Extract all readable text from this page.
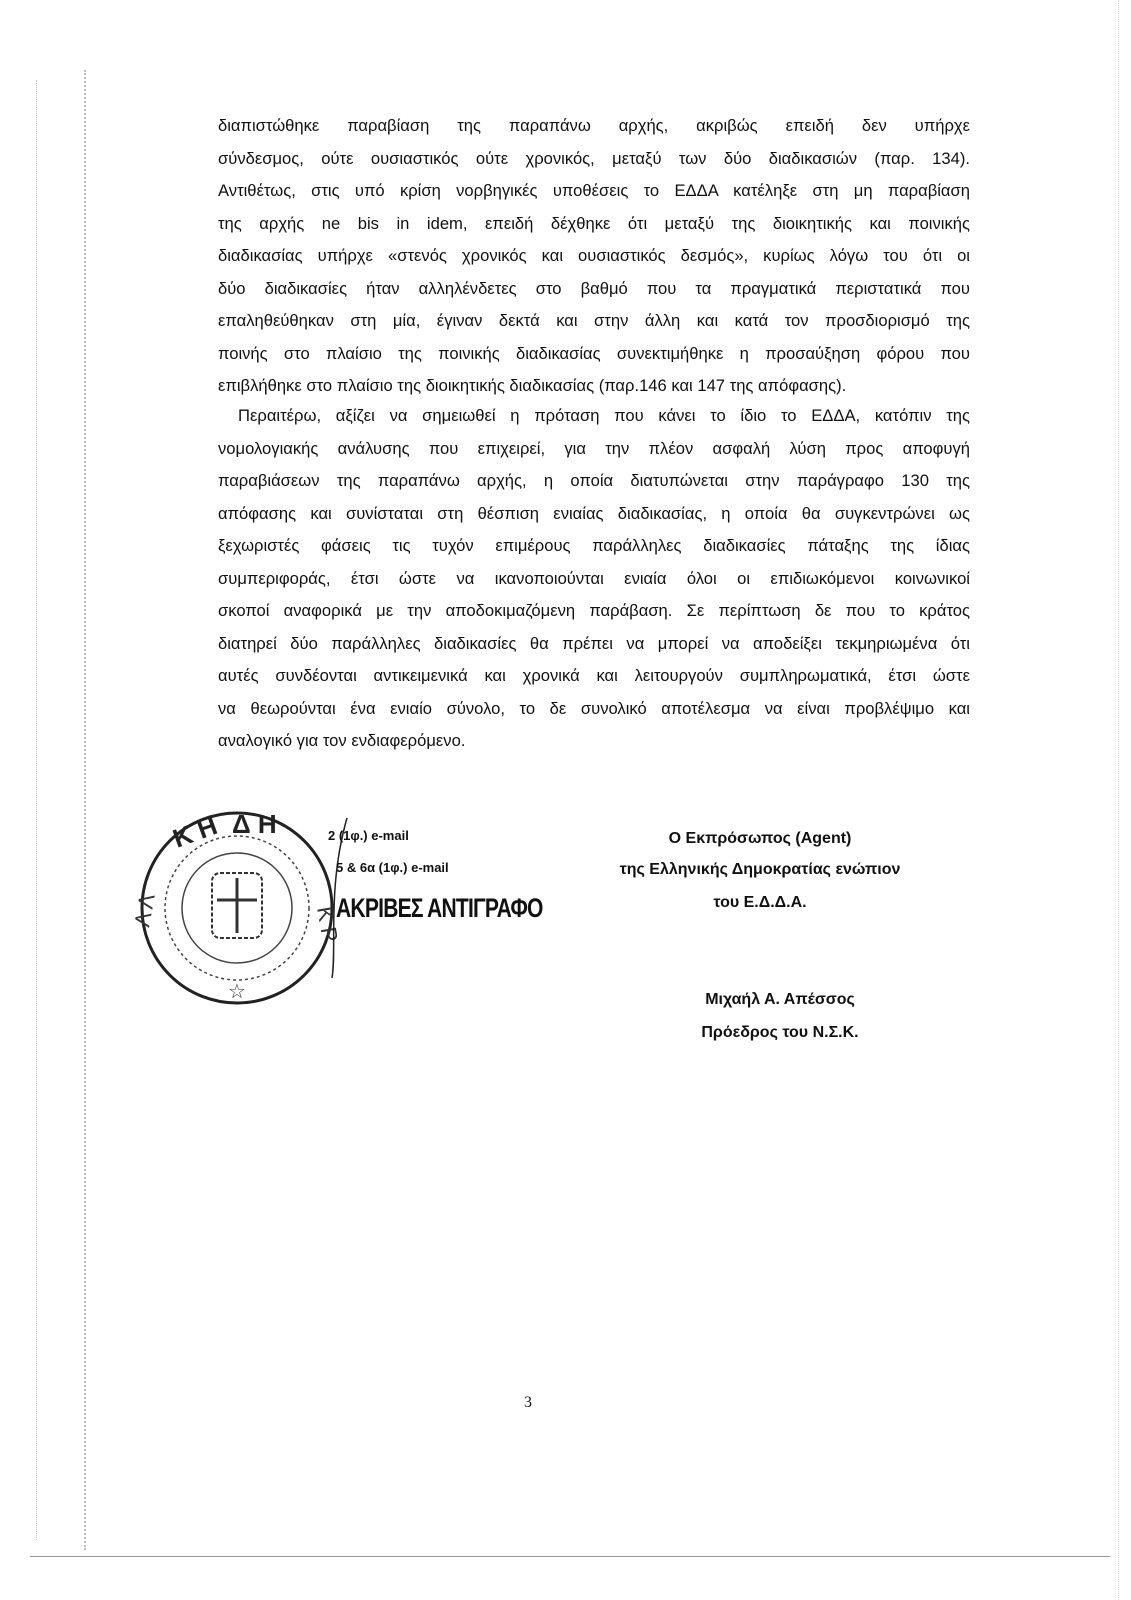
διαπιστώθηκε παραβίαση της παραπάνω αρχής, ακριβώς επειδή δεν υπήρχε
σύνδεσμος, ούτε ουσιαστικός ούτε χρονικός, μεταξύ των δύο διαδικασιών (παρ. 134).
Αντιθέτως, στις υπό κρίση νορβηγικές υποθέσεις το ΕΔΔΑ κατέληξε στη μη παραβίαση
της αρχής ne bis in idem, επειδή δέχθηκε ότι μεταξύ της διοικητικής και ποινικής
διαδικασίας υπήρχε «στενός χρονικός και ουσιαστικός δεσμός», κυρίως λόγω του ότι οι
δύο διαδικασίες ήταν αλληλένδετες στο βαθμό που τα πραγματικά περιστατικά που
επαληθεύθηκαν στη μία, έγιναν δεκτά και στην άλλη και κατά τον προσδιορισμό της
ποινής στο πλαίσιο της ποινικής διαδικασίας συνεκτιμήθηκε η προσαύξηση φόρου που
επιβλήθηκε στο πλαίσιο της διοικητικής διαδικασίας (παρ.146 και 147 της απόφασης).
Περαιτέρω, αξίζει να σημειωθεί η πρόταση που κάνει το ίδιο το ΕΔΔΑ, κατόπιν της
νομολογιακής ανάλυσης που επιχειρεί, για την πλέον ασφαλή λύση προς αποφυγή
παραβιάσεων της παραπάνω αρχής, η οποία διατυπώνεται στην παράγραφο 130 της
απόφασης και συνίσταται στη θέσπιση ενιαίας διαδικασίας, η οποία θα συγκεντρώνει ως
ξεχωριστές φάσεις τις τυχόν επιμέρους παράλληλες διαδικασίες πάταξης της ίδιας
συμπεριφοράς, έτσι ώστε να ικανοποιούνται ενιαία όλοι οι επιδιωκόμενοι κοινωνικοί
σκοποί αναφορικά με την αποδοκιμαζόμενη παράβαση. Σε περίπτωση δε που το κράτος
διατηρεί δύο παράλληλες διαδικασίες θα πρέπει να μπορεί να αποδείξει τεκμηριωμένα ότι
αυτές συνδέονται αντικειμενικά και χρονικά και λειτουργούν συμπληρωματικά, έτσι ώστε
να θεωρούνται ένα ενιαίο σύνολο, το δε συνολικό αποτέλεσμα να είναι προβλέψιμο και
αναλογικό για τον ενδιαφερόμενο.
☆
Κ Η Δ Η
Λ Λ	Κ Ρ
2 (1φ.) e-mail
5 & 6α (1φ.) e-mail
ΑΚΡΙΒΕΣ ΑΝΤΙΓΡΑΦΟ
Ο Εκπρόσωπος (Agent)
της Ελληνικής Δημοκρατίας ενώπιον
του Ε.Δ.Δ.Α.
Μιχαήλ Α. Απέσσος
Πρόεδρος του Ν.Σ.Κ.
3
